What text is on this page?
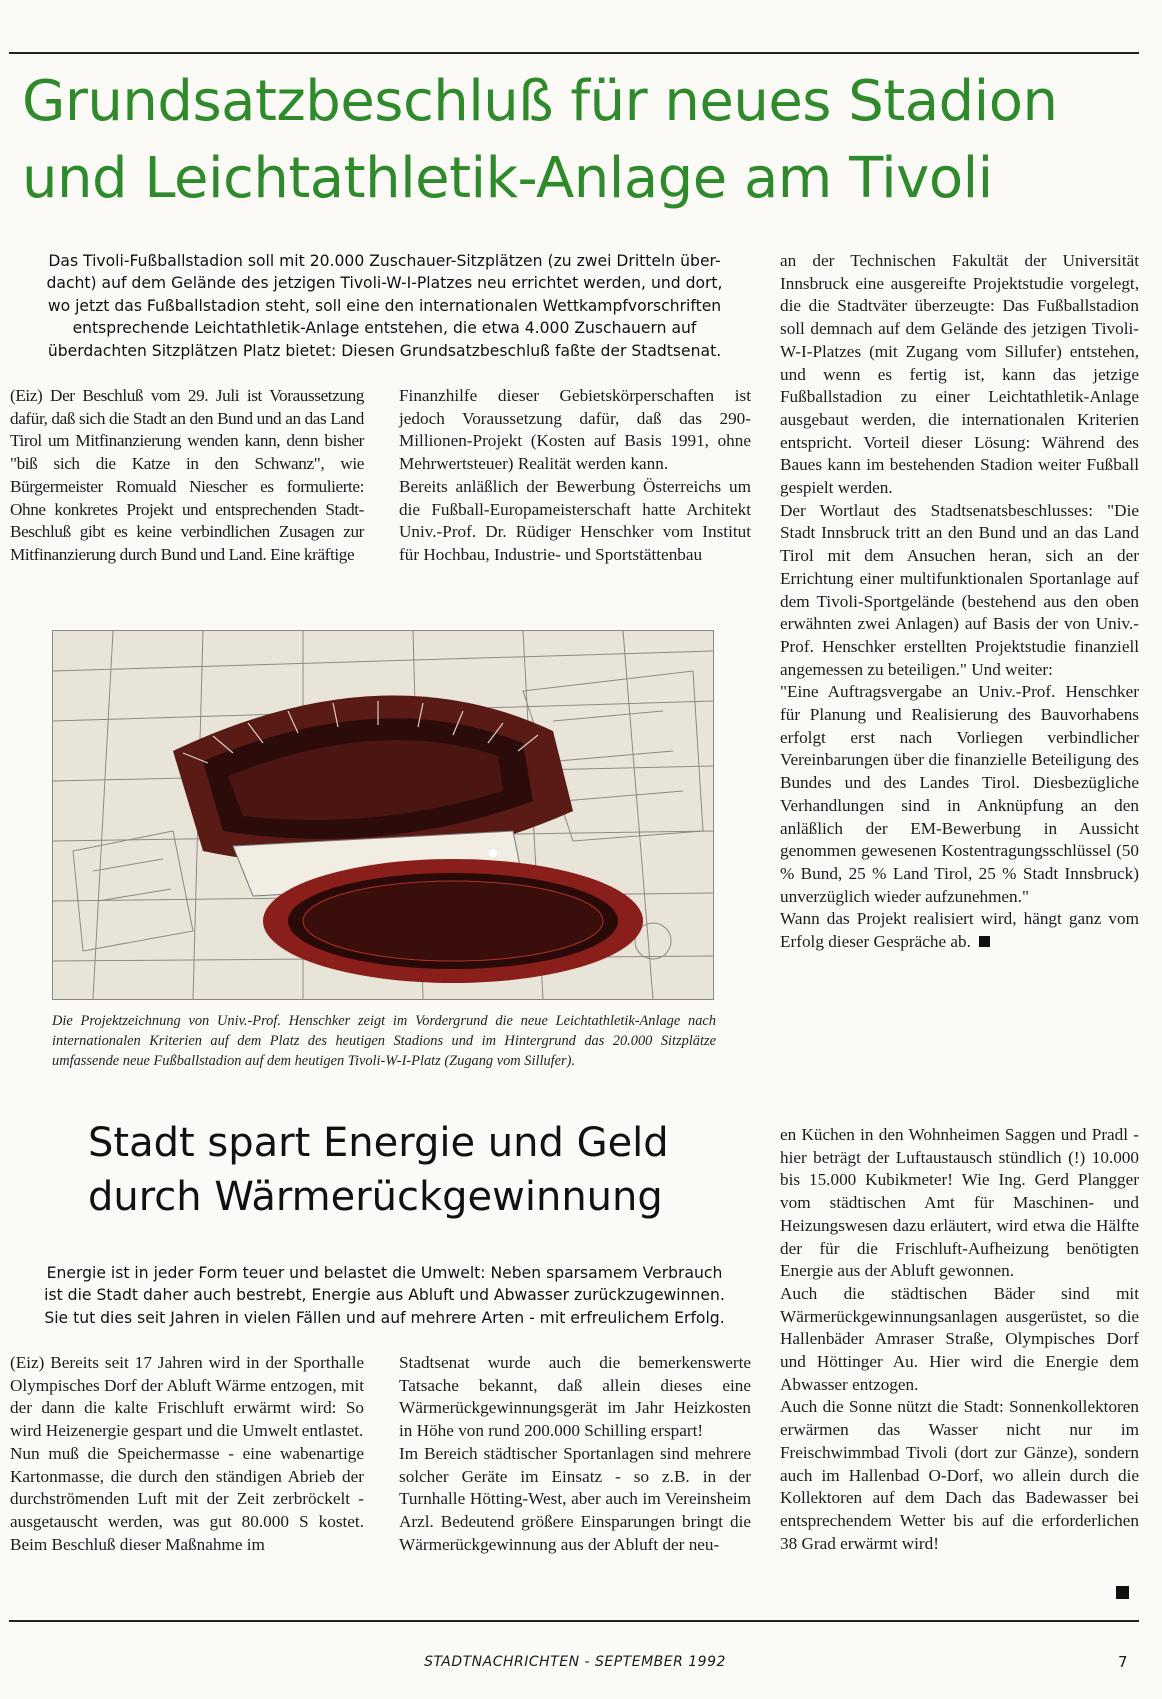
Grundsatzbeschluß für neues Stadion
und Leichtathletik-Anlage am Tivoli
Das Tivoli-Fußballstadion soll mit 20.000 Zuschauer-Sitzplätzen (zu zwei Dritteln über-
dacht) auf dem Gelände des jetzigen Tivoli-W-I-Platzes neu errichtet werden, und dort,
wo jetzt das Fußballstadion steht, soll eine den internationalen Wettkampfvorschriften
entsprechende Leichtathletik-Anlage entstehen, die etwa 4.000 Zuschauern auf
überdachten Sitzplätzen Platz bietet: Diesen Grundsatzbeschluß faßte der Stadtsenat.

(Eiz) Der Beschluß vom 29. Juli ist Voraussetzung dafür, daß sich die Stadt an den Bund und an das Land Tirol um Mitfinanzierung wenden kann, denn bisher "biß sich die Katze in den Schwanz", wie Bürgermeister Romuald Niescher es formulierte: Ohne konkretes Projekt und entsprechenden Stadt-Beschluß gibt es keine verbindlichen Zusagen zur Mitfinanzierung durch Bund und Land. Eine kräftige

Finanzhilfe dieser Gebietskörperschaften ist jedoch Voraussetzung dafür, daß das 290-Millionen-Projekt (Kosten auf Basis 1991, ohne Mehrwertsteuer) Realität werden kann.

Bereits anläßlich der Bewerbung Österreichs um die Fußball-Europameisterschaft hatte Architekt Univ.-Prof. Dr. Rüdiger Henschker vom Institut für Hochbau, Industrie- und Sportstättenbau

an der Technischen Fakultät der Universität Innsbruck eine ausgereifte Projektstudie vorgelegt, die die Stadtväter überzeugte: Das Fußballstadion soll demnach auf dem Gelände des jetzigen Tivoli-W-I-Platzes (mit Zugang vom Sillufer) entstehen, und wenn es fertig ist, kann das jetzige Fußballstadion zu einer Leichtathletik-Anlage ausgebaut werden, die internationalen Kriterien entspricht. Vorteil dieser Lösung: Während des Baues kann im bestehenden Stadion weiter Fußball gespielt werden.

Der Wortlaut des Stadtsenatsbeschlusses: "Die Stadt Innsbruck tritt an den Bund und an das Land Tirol mit dem Ansuchen heran, sich an der Errichtung einer multifunktionalen Sportanlage auf dem Tivoli-Sportgelände (bestehend aus den oben erwähnten zwei Anlagen) auf Basis der von Univ.-Prof. Henschker erstellten Projektstudie finanziell angemessen zu beteiligen." Und weiter:

"Eine Auftragsvergabe an Univ.-Prof. Henschker für Planung und Realisierung des Bauvorhabens erfolgt erst nach Vorliegen verbindlicher Vereinbarungen über die finanzielle Beteiligung des Bundes und des Landes Tirol. Diesbezügliche Verhandlungen sind in Anknüpfung an den anläßlich der EM-Bewerbung in Aussicht genommen gewesenen Kostentragungsschlüssel (50 % Bund, 25 % Land Tirol, 25 % Stadt Innsbruck) unverzüglich wieder aufzunehmen."

Wann das Projekt realisiert wird, hängt ganz vom Erfolg dieser Gespräche ab.

Die Projektzeichnung von Univ.-Prof. Henschker zeigt im Vordergrund die neue Leichtathletik-Anlage nach internationalen Kriterien auf dem Platz des heutigen Stadions und im Hintergrund das 20.000 Sitzplätze umfassende neue Fußballstadion auf dem heutigen Tivoli-W-I-Platz (Zugang vom Sillufer).

Stadt spart Energie und Geld
durch Wärmerückgewinnung
Energie ist in jeder Form teuer und belastet die Umwelt: Neben sparsamem Verbrauch
ist die Stadt daher auch bestrebt, Energie aus Abluft und Abwasser zurückzugewinnen.
Sie tut dies seit Jahren in vielen Fällen und auf mehrere Arten - mit erfreulichem Erfolg.

(Eiz) Bereits seit 17 Jahren wird in der Sporthalle Olympisches Dorf der Abluft Wärme entzogen, mit der dann die kalte Frischluft erwärmt wird: So wird Heizenergie gespart und die Umwelt entlastet.

Nun muß die Speichermasse - eine wabenartige Kartonmasse, die durch den ständigen Abrieb der durchströmenden Luft mit der Zeit zerbröckelt - ausgetauscht werden, was gut 80.000 S kostet. Beim Beschluß dieser Maßnahme im

Stadtsenat wurde auch die bemerkenswerte Tatsache bekannt, daß allein dieses eine Wärmerückgewinnungsgerät im Jahr Heizkosten in Höhe von rund 200.000 Schilling erspart!

Im Bereich städtischer Sportanlagen sind mehrere solcher Geräte im Einsatz - so z.B. in der Turnhalle Hötting-West, aber auch im Vereinsheim Arzl. Bedeutend größere Einsparungen bringt die Wärmerückgewinnung aus der Abluft der neu-

en Küchen in den Wohnheimen Saggen und Pradl - hier beträgt der Luftaustausch stündlich (!) 10.000 bis 15.000 Kubikmeter! Wie Ing. Gerd Plangger vom städtischen Amt für Maschinen- und Heizungswesen dazu erläutert, wird etwa die Hälfte der für die Frischluft-Aufheizung benötigten Energie aus der Abluft gewonnen.

Auch die städtischen Bäder sind mit Wärmerückgewinnungsanlagen ausgerüstet, so die Hallenbäder Amraser Straße, Olympisches Dorf und Höttinger Au. Hier wird die Energie dem Abwasser entzogen.

Auch die Sonne nützt die Stadt: Sonnenkollektoren erwärmen das Wasser nicht nur im Freischwimmbad Tivoli (dort zur Gänze), sondern auch im Hallenbad O-Dorf, wo allein durch die Kollektoren auf dem Dach das Badewasser bei entsprechendem Wetter bis auf die erforderlichen 38 Grad erwärmt wird!

STADTNACHRICHTEN - SEPTEMBER 1992	7
